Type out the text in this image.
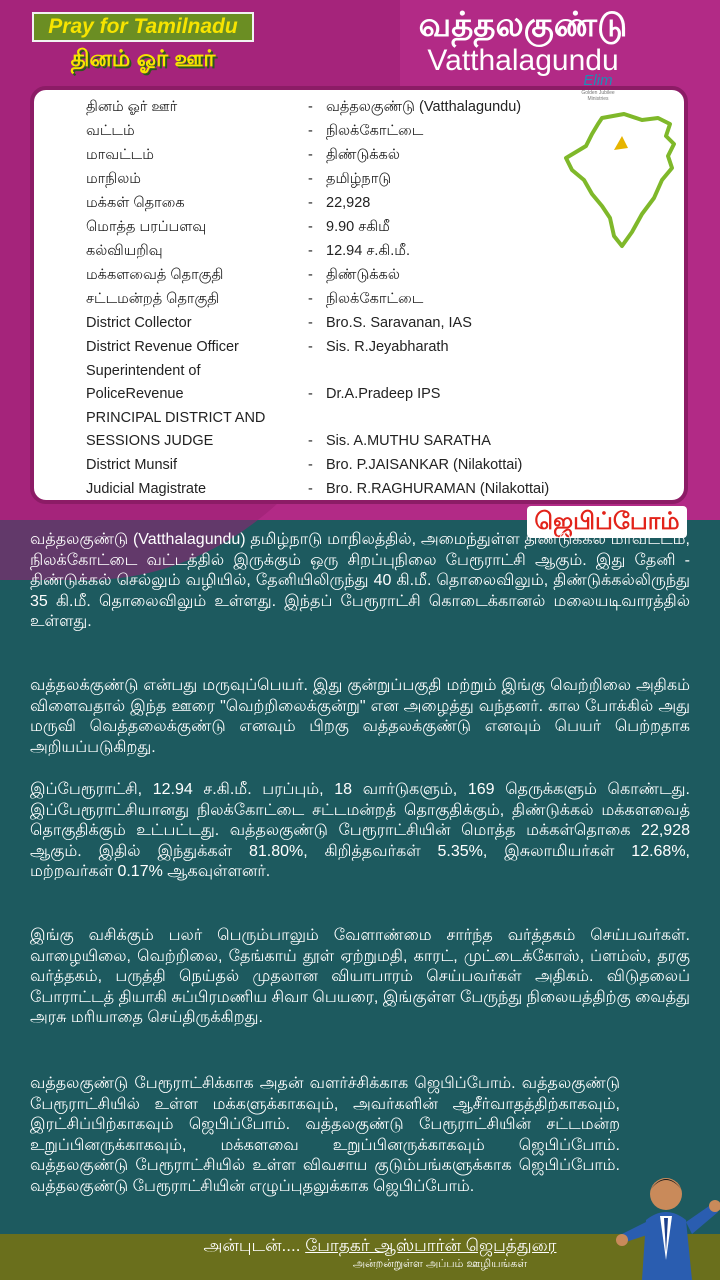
Pray for Tamilnadu
தினம் ஓர் ஊர்
வத்தலகுண்டு
Vatthalagundu
தினம் ஓர் ஊர்	- வத்தலகுண்டு (Vatthalagundu)
வட்டம்	- நிலக்கோட்டை
மாவட்டம்	- திண்டுக்கல்
மாநிலம்	- தமிழ்நாடு
மக்கள் தொகை	- 22,928
மொத்த பரப்பளவு	- 9.90 சகிமீ
கல்வியறிவு	- 12.94 ச.கி.மீ.
மக்களவைத் தொகுதி	- திண்டுக்கல்
சட்டமன்றத் தொகுதி	- நிலக்கோட்டை
District Collector	- Bro.S. Saravanan, IAS
District Revenue Officer	- Sis. R.Jeyabharath
Superintendent of
PoliceRevenue	- Dr.A.Pradeep IPS
PRINCIPAL DISTRICT AND
SESSIONS JUDGE	- Sis. A.MUTHU SARATHA
District Munsif	- Bro. P.JAISANKAR (Nilakottai)
Judicial Magistrate	- Bro. R.RAGHURAMAN (Nilakottai)
Elim
Golden Jubilee Ministries
ஜெபிப்போம்

வத்தலகுண்டு (Vatthalagundu) தமிழ்நாடு மாநிலத்தில், அமைந்துள்ள திண்டுக்கல் மாவட்டம், நிலக்கோட்டை வட்டத்தில் இருக்கும் ஒரு சிறப்புநிலை பேரூராட்சி ஆகும். இது தேனி - திண்டுக்கல் செல்லும் வழியில், தேனியிலிருந்து 40 கி.மீ. தொலைவிலும், திண்டுக்கல்லிருந்து 35 கி.மீ. தொலைவிலும் உள்ளது. இந்தப் பேரூராட்சி கொடைக்கானல் மலையடிவாரத்தில் உள்ளது.

வத்தலக்குண்டு என்பது மருவுப்பெயர். இது குன்றுப்பகுதி மற்றும் இங்கு வெற்றிலை அதிகம் விளைவதால் இந்த ஊரை "வெற்றிலைக்குன்று" என அழைத்து வந்தனர். கால போக்கில் அது மருவி வெத்தலைக்குண்டு எனவும் பிறகு வத்தலக்குண்டு எனவும் பெயர் பெற்றதாக அறியப்படுகிறது.

இப்பேரூராட்சி, 12.94 ச.கி.மீ. பரப்பும், 18 வார்டுகளும், 169 தெருக்களும் கொண்டது. இப்பேரூராட்சியானது நிலக்கோட்டை சட்டமன்றத் தொகுதிக்கும், திண்டுக்கல் மக்களவைத் தொகுதிக்கும் உட்பட்டது. வத்தலகுண்டு பேரூராட்சியின் மொத்த மக்கள்தொகை 22,928 ஆகும். இதில் இந்துக்கள் 81.80%, கிறித்தவர்கள் 5.35%, இசுலாமியர்கள் 12.68%, மற்றவர்கள் 0.17% ஆகவுள்ளனர்.

இங்கு வசிக்கும் பலர் பெரும்பாலும் வேளாண்மை சார்ந்த வர்த்தகம் செய்பவர்கள். வாழையிலை, வெற்றிலை, தேங்காய் தூள் ஏற்றுமதி, காரட், முட்டைக்கோஸ், ப்ளம்ஸ், தரகு வர்த்தகம், பருத்தி நெய்தல் முதலான வியாபாரம் செய்பவர்கள் அதிகம். விடுதலைப் போராட்டத் தியாகி சுப்பிரமணிய சிவா பெயரை, இங்குள்ள பேருந்து நிலையத்திற்கு வைத்து அரசு மரியாதை செய்திருக்கிறது.

வத்தலகுண்டு பேரூராட்சிக்காக அதன் வளர்ச்சிக்காக ஜெபிப்போம். வத்தலகுண்டு பேரூராட்சியில் உள்ள மக்களுக்காகவும், அவர்களின் ஆசீர்வாதத்திற்காகவும், இரட்சிப்பிற்காகவும் ஜெபிப்போம். வத்தலகுண்டு பேரூராட்சியின் சட்டமன்ற உறுப்பினருக்காகவும், மக்களவை உறுப்பினருக்காகவும் ஜெபிப்போம். வத்தலகுண்டு பேரூராட்சியில் உள்ள விவசாய குடும்பங்களுக்காக ஜெபிப்போம். வத்தலகுண்டு பேரூராட்சியின் எழுப்புதலுக்காக ஜெபிப்போம்.

அன்புடன்.... போதகர் ஆஸ்பார்ன் ஜெபத்துரை
அன்றன்றுள்ள அப்பம் ஊழியங்கள்
